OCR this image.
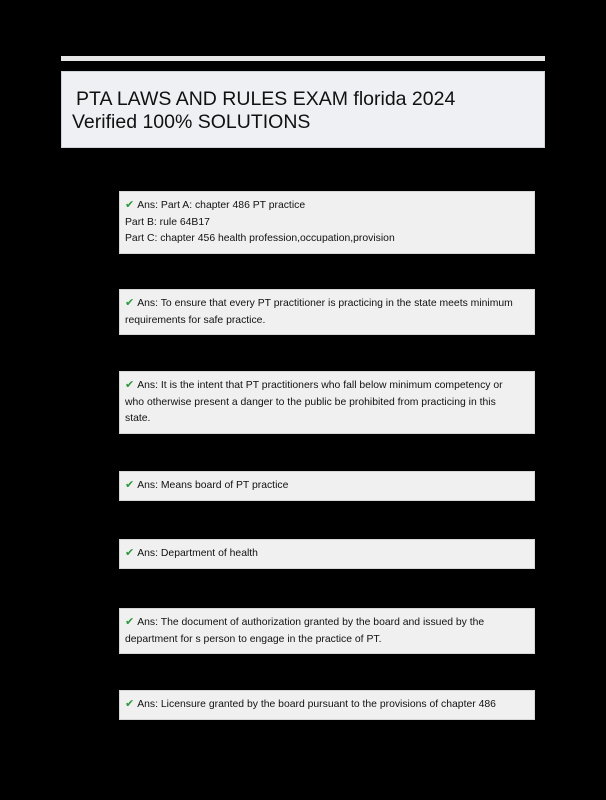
PTA LAWS AND RULES EXAM florida 2024
Verified 100% SOLUTIONS
✔ Ans: Part A: chapter 486 PT practice
Part B: rule 64B17
Part C: chapter 456 health profession,occupation,provision
✔ Ans: To ensure that every PT practitioner is practicing in the state meets minimum
requirements for safe practice.
✔ Ans: It is the intent that PT practitioners who fall below minimum competency or
who otherwise present a danger to the public be prohibited from practicing in this
state.
✔ Ans: Means board of PT practice
✔ Ans: Department of health
✔ Ans: The document of authorization granted by the board and issued by the
department for s person to engage in the practice of PT.
✔ Ans: Licensure granted by the board pursuant to the provisions of chapter 486
